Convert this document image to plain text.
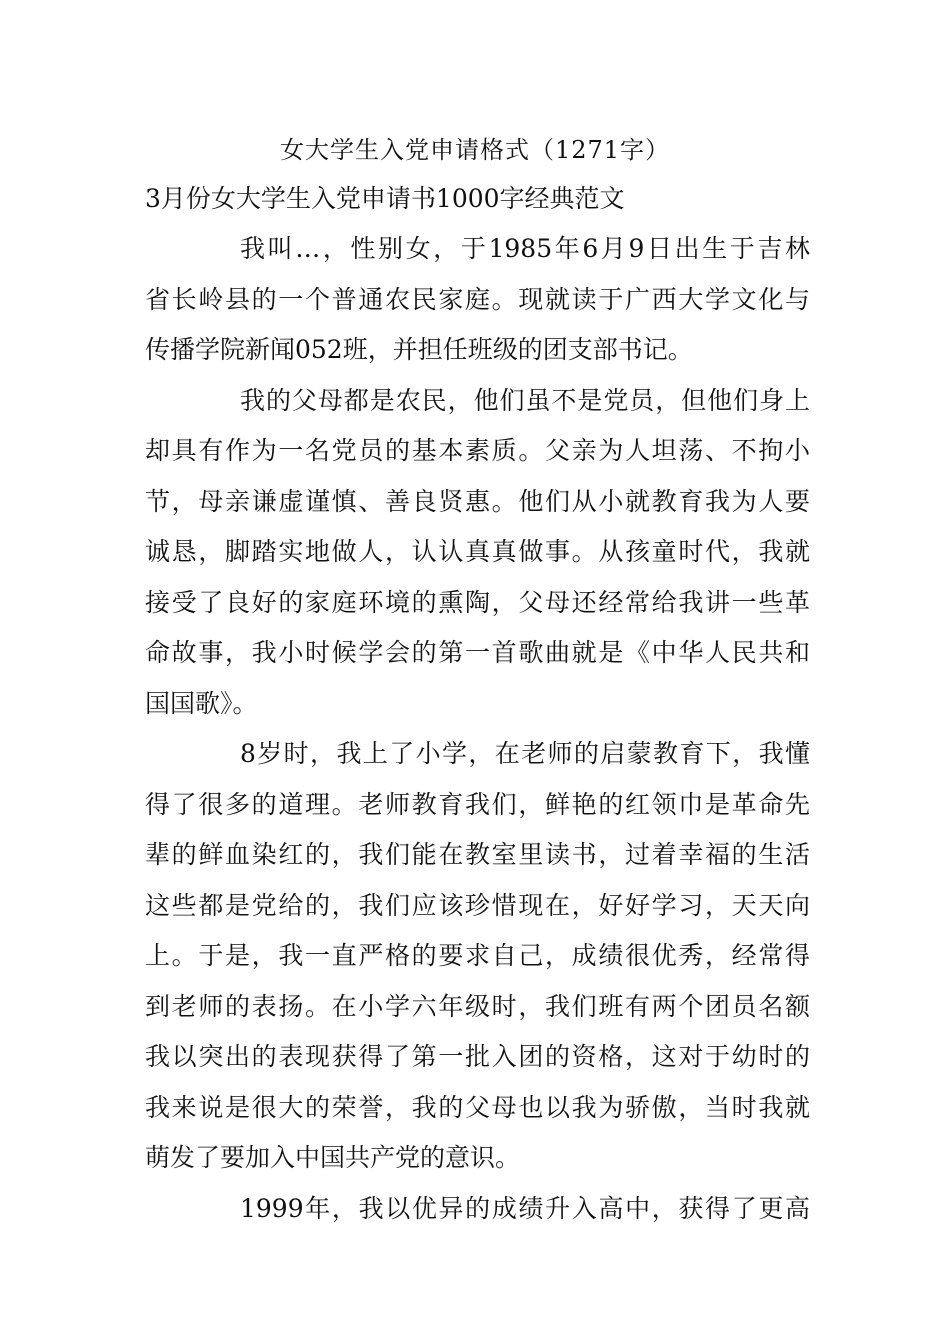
女大学生入党申请格式（1271字）
3月份女大学生入党申请书1000字经典范文
我叫…，性别女，于1985年6月9日出生于吉林
省长岭县的一个普通农民家庭。现就读于广西大学文化与
传播学院新闻052班，并担任班级的团支部书记。
我的父母都是农民，他们虽不是党员，但他们身上
却具有作为一名党员的基本素质。父亲为人坦荡、不拘小
节，母亲谦虚谨慎、善良贤惠。他们从小就教育我为人要
诚恳，脚踏实地做人，认认真真做事。从孩童时代，我就
接受了良好的家庭环境的熏陶，父母还经常给我讲一些革
命故事，我小时候学会的第一首歌曲就是《中华人民共和
国国歌》。
8岁时，我上了小学，在老师的启蒙教育下，我懂
得了很多的道理。老师教育我们，鲜艳的红领巾是革命先
辈的鲜血染红的，我们能在教室里读书，过着幸福的生活
这些都是党给的，我们应该珍惜现在，好好学习，天天向
上。于是，我一直严格的要求自己，成绩很优秀，经常得
到老师的表扬。在小学六年级时，我们班有两个团员名额
我以突出的表现获得了第一批入团的资格，这对于幼时的
我来说是很大的荣誉，我的父母也以我为骄傲，当时我就
萌发了要加入中国共产党的意识。
1999年，我以优异的成绩升入高中，获得了更高
